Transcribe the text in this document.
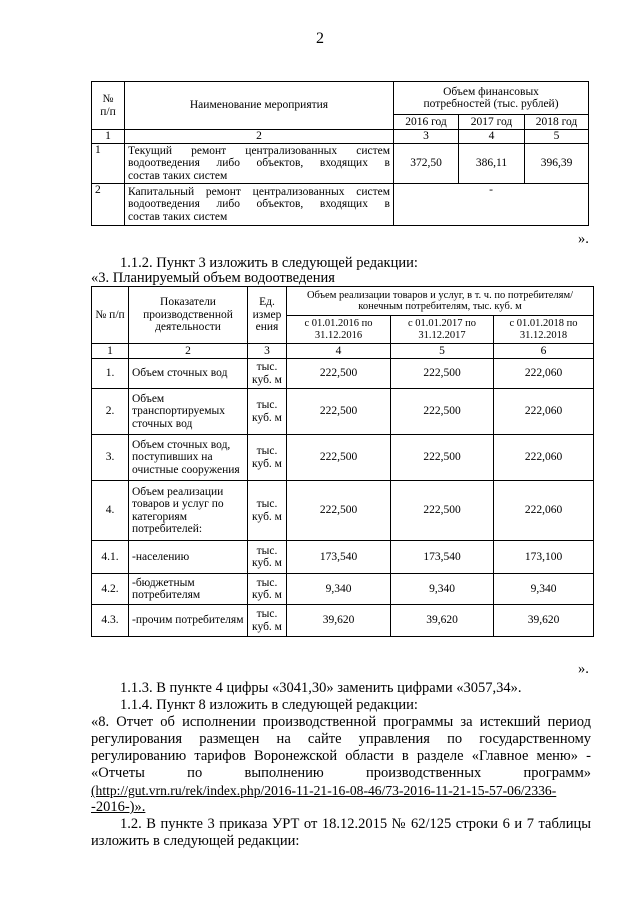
2
№
п/п	Наименование мероприятия	Объем финансовых потребностей (тыс. рублей)		
		2016 год	2017 год	2018 год
1	2	3	4	5
1	Текущий ремонт централизованных систем
водоотведения либо объектов, входящих в
состав таких систем	372,50	386,11	396,39
2	Капитальный ремонт централизованных систем
водоотведения либо объектов, входящих в
состав таких систем	-		
».
1.1.2. Пункт 3 изложить в следующей редакции:
«3. Планируемый объем водоотведения
№ п/п	Показатели производственной деятельности	Ед. измер ения	Объем реализации товаров и услуг, в т. ч. по потребителям/ конечным потребителям, тыс. куб. м		
			с 01.01.2016 по 31.12.2016	с 01.01.2017 по 31.12.2017	с 01.01.2018 по 31.12.2018
1	2	3	4	5	6
1.	Объем сточных вод	тыс. куб. м	222,500	222,500	222,060
2.	Объем транспортируемых сточных вод	тыс. куб. м	222,500	222,500	222,060
3.	Объем сточных вод, поступивших на очистные сооружения	тыс. куб. м	222,500	222,500	222,060
4.	Объем реализации товаров и услуг по категориям потребителей:	тыс. куб. м	222,500	222,500	222,060
4.1.	-населению	тыс. куб. м	173,540	173,540	173,100
4.2.	-бюджетным потребителям	тыс. куб. м	9,340	9,340	9,340
4.3.	-прочим потребителям	тыс. куб. м	39,620	39,620	39,620
».
1.1.3. В пункте 4 цифры «3041,30» заменить цифрами «3057,34».
1.1.4. Пункт 8 изложить в следующей редакции:
«8. Отчет об исполнении производственной программы за истекший период
регулирования размещен на сайте управления по государственному
регулированию тарифов Воронежской области в разделе «Главное меню» -
«Отчеты по выполнению производственных программ»
(http://gut.vrn.ru/rek/index.php/2016-11-21-16-08-46/73-2016-11-21-15-57-06/2336-
-2016-)».
1.2. В пункте 3 приказа УРТ от 18.12.2015 № 62/125 строки 6 и 7 таблицы
изложить в следующей редакции:
